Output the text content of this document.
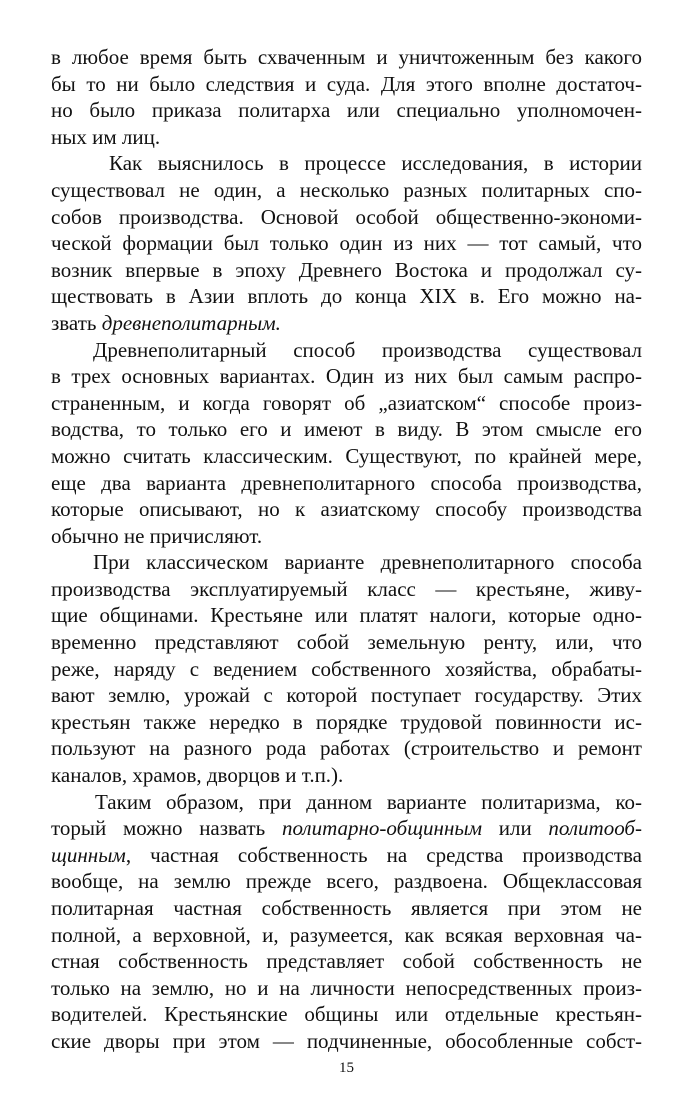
в любое время быть схваченным и уничтоженным без какого
бы то ни было следствия и суда. Для этого вполне достаточ-
но было приказа политарха или специально уполномочен-
ных им лиц.
Как выяснилось в процессе исследования, в истории
существовал не один, а несколько разных политарных спо-
собов производства. Основой особой общественно-экономи-
ческой формации был только один из них — тот самый, что
возник впервые в эпоху Древнего Востока и продолжал су-
ществовать в Азии вплоть до конца XIX в. Его можно на-
звать древнеполитарным.
Древнеполитарный способ производства существовал
в трех основных вариантах. Один из них был самым распро-
страненным, и когда говорят об „азиатском“ способе произ-
водства, то только его и имеют в виду. В этом смысле его
можно считать классическим. Существуют, по крайней мере,
еще два варианта древнеполитарного способа производства,
которые описывают, но к азиатскому способу производства
обычно не причисляют.
При классическом варианте древнеполитарного способа
производства эксплуатируемый класс — крестьяне, живу-
щие общинами. Крестьяне или платят налоги, которые одно-
временно представляют собой земельную ренту, или, что
реже, наряду с ведением собственного хозяйства, обрабаты-
вают землю, урожай с которой поступает государству. Этих
крестьян также нередко в порядке трудовой повинности ис-
пользуют на разного рода работах (строительство и ремонт
каналов, храмов, дворцов и т.п.).
Таким образом, при данном варианте политаризма, ко-
торый можно назвать политарно-общинным или политооб-
щинным, частная собственность на средства производства
вообще, на землю прежде всего, раздвоена. Общеклассовая
политарная частная собственность является при этом не
полной, а верховной, и, разумеется, как всякая верховная ча-
стная собственность представляет собой собственность не
только на землю, но и на личности непосредственных произ-
водителей. Крестьянские общины или отдельные крестьян-
ские дворы при этом — подчиненные, обособленные собст-
15
